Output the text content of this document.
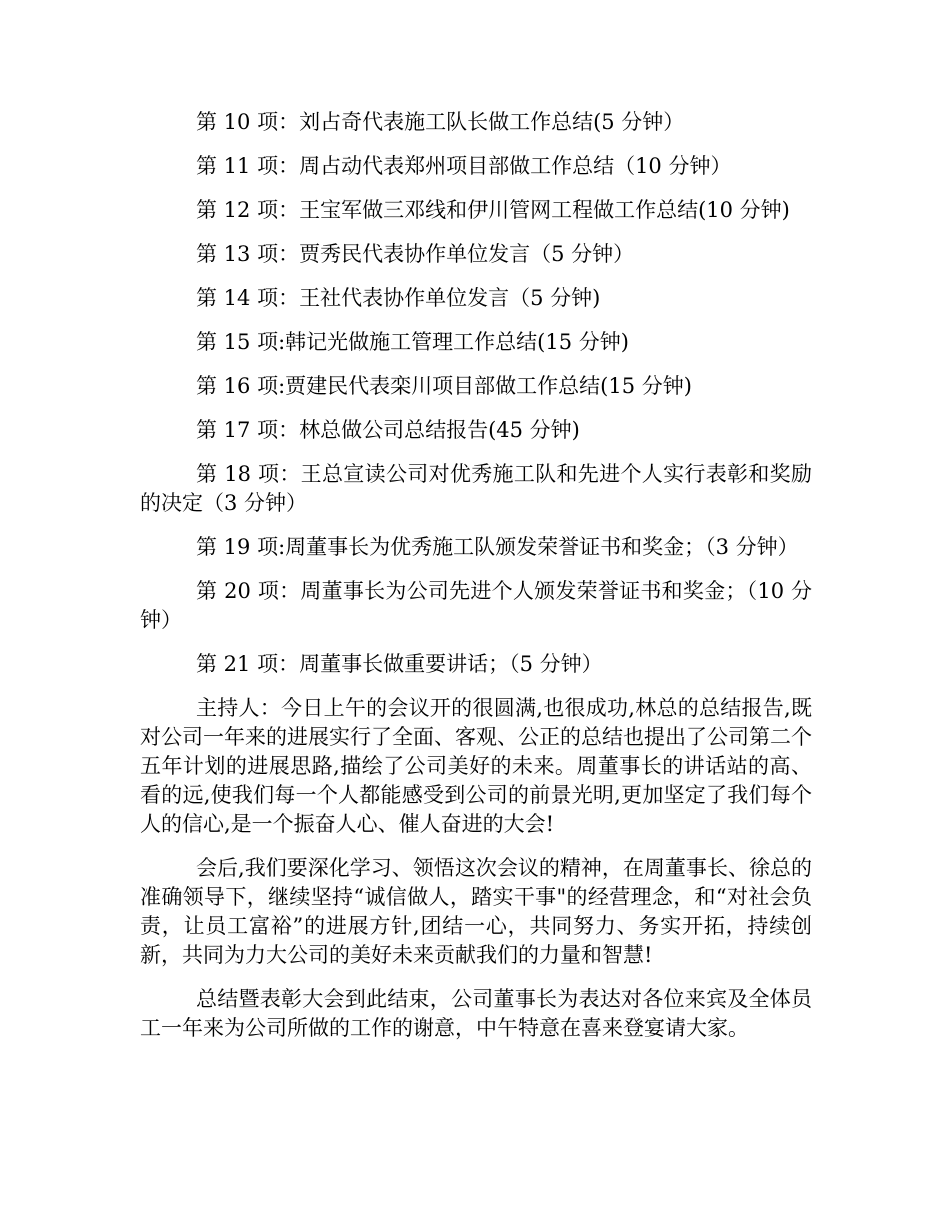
第 10 项：刘占奇代表施工队长做工作总结(5 分钟）

第 11 项：周占动代表郑州项目部做工作总结（10 分钟）

第 12 项：王宝军做三邓线和伊川管网工程做工作总结(10 分钟)

第 13 项：贾秀民代表协作单位发言（5 分钟）

第 14 项：王社代表协作单位发言（5 分钟)

第 15 项:韩记光做施工管理工作总结(15 分钟)

第 16 项:贾建民代表栾川项目部做工作总结(15 分钟)

第 17 项：林总做公司总结报告(45 分钟)

第 18 项：王总宣读公司对优秀施工队和先进个人实行表彰和奖励的决定（3 分钟）

第 19 项:周董事长为优秀施工队颁发荣誉证书和奖金；（3 分钟）

第 20 项：周董事长为公司先进个人颁发荣誉证书和奖金；（10 分钟）

第 21 项：周董事长做重要讲话；（5 分钟）

主持人：今日上午的会议开的很圆满,也很成功,林总的总结报告,既对公司一年来的进展实行了全面、客观、公正的总结也提出了公司第二个五年计划的进展思路,描绘了公司美好的未来。周董事长的讲话站的高、看的远,使我们每一个人都能感受到公司的前景光明,更加坚定了我们每个人的信心,是一个振奋人心、催人奋进的大会!

会后,我们要深化学习、领悟这次会议的精神，在周董事长、徐总的准确领导下，继续坚持“诚信做人，踏实干事"的经营理念，和“对社会负责，让员工富裕”的进展方针,团结一心，共同努力、务实开拓，持续创新，共同为力大公司的美好未来贡献我们的力量和智慧!

总结暨表彰大会到此结束，公司董事长为表达对各位来宾及全体员工一年来为公司所做的工作的谢意，中午特意在喜来登宴请大家。
